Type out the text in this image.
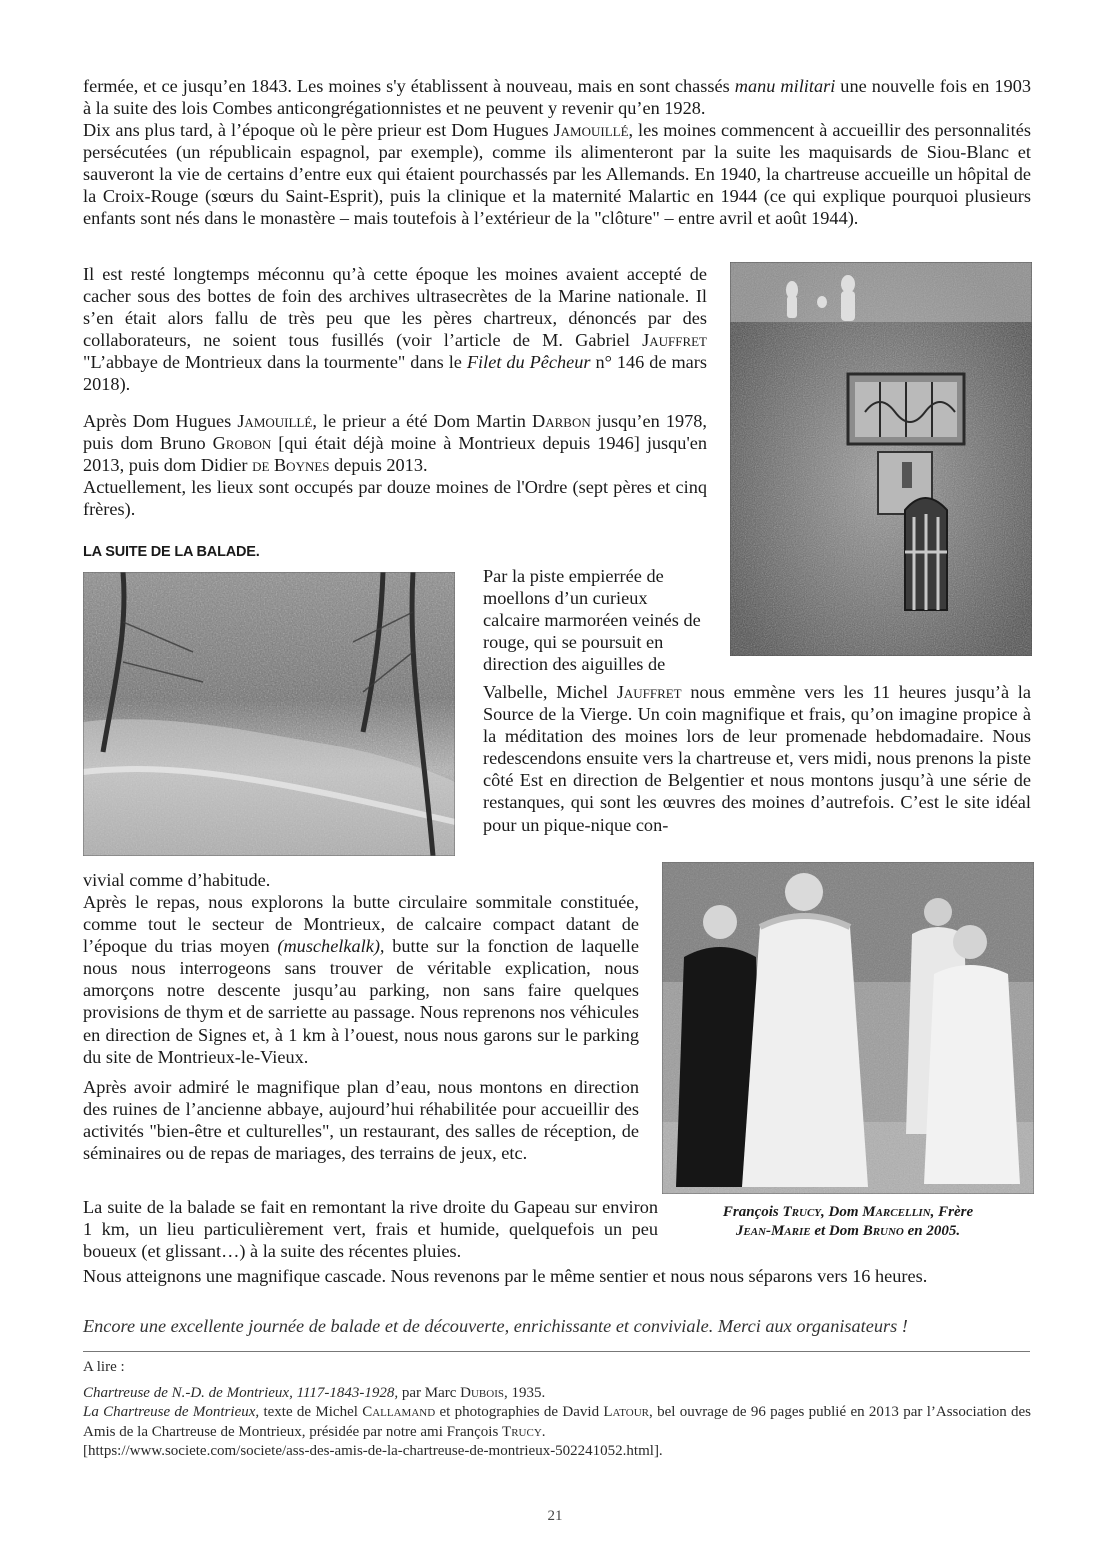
fermée, et ce jusqu’en 1843. Les moines s'y établissent à nouveau, mais en sont chassés manu militari une nouvelle fois en 1903 à la suite des lois Combes anticongrégationnistes et ne peuvent y revenir qu’en 1928.

Dix ans plus tard, à l’époque où le père prieur est Dom Hugues Jamouillé, les moines commencent à accueillir des personnalités persécutées (un républicain espagnol, par exemple), comme ils alimenteront par la suite les maquisards de Siou-Blanc et sauveront la vie de certains d’entre eux qui étaient pourchassés par les Allemands. En 1940, la chartreuse accueille un hôpital de la Croix-Rouge (sœurs du Saint-Esprit), puis la clinique et la maternité Malartic en 1944 (ce qui explique pourquoi plusieurs enfants sont nés dans le monastère – mais toutefois à l’extérieur de la "clôture" – entre avril et août 1944).

Il est resté longtemps méconnu qu’à cette époque les moines avaient accepté de cacher sous des bottes de foin des archives ultrasecrètes de la Marine nationale. Il s’en était alors fallu de très peu que les pères chartreux, dénoncés par des collaborateurs, ne soient tous fusillés (voir l’article de M. Gabriel Jauffret "L’abbaye de Montrieux dans la tourmente" dans le Filet du Pêcheur n° 146 de mars 2018).

Après Dom Hugues Jamouillé, le prieur a été Dom Martin Darbon jusqu’en 1978, puis dom Bruno Grobon [qui était déjà moine à Montrieux depuis 1946] jusqu'en 2013, puis dom Didier de Boynes depuis 2013.

Actuellement, les lieux sont occupés par douze moines de l'Ordre (sept pères et cinq frères).

LA SUITE DE LA BALADE.

Par la piste empierrée de moellons d’un curieux calcaire marmoréen veinés de rouge, qui se poursuit en direction des aiguilles de

Valbelle, Michel Jauffret nous emmène vers les 11 heures jusqu’à la Source de la Vierge. Un coin magnifique et frais, qu’on imagine propice à la méditation des moines lors de leur promenade hebdomadaire. Nous redescendons ensuite vers la chartreuse et, vers midi, nous prenons la piste côté Est en direction de Belgentier et nous montons jusqu’à une série de restanques, qui sont les œuvres des moines d’autrefois. C’est le site idéal pour un pique-nique con-

vivial comme d’habitude.

Après le repas, nous explorons la butte circulaire sommitale constituée, comme tout le secteur de Montrieux, de calcaire compact datant de l’époque du trias moyen (muschelkalk), butte sur la fonction de laquelle nous nous interrogeons sans trouver de véritable explication, nous amorçons notre descente jusqu’au parking, non sans faire quelques provisions de thym et de sarriette au passage. Nous reprenons nos véhicules en direction de Signes et, à 1 km à l’ouest, nous nous garons sur le parking du site de Montrieux-le-Vieux.

Après avoir admiré le magnifique plan d’eau, nous montons en direction des ruines de l’ancienne abbaye, aujourd’hui réhabilitée pour accueillir des activités "bien-être et culturelles", un restaurant, des salles de réception, de séminaires ou de repas de mariages, des terrains de jeux, etc.

La suite de la balade se fait en remontant la rive droite du Gapeau sur environ 1 km, un lieu particulièrement vert, frais et humide, quelquefois un peu boueux (et glissant…) à la suite des récentes pluies.

François Trucy, Dom Marcellin, Frère
Jean-Marie et Dom Bruno en 2005.

Nous atteignons une magnifique cascade. Nous revenons par le même sentier et nous nous séparons vers 16 heures.

Encore une excellente journée de balade et de découverte, enrichissante et conviviale. Merci aux organisateurs !

A lire :
Chartreuse de N.-D. de Montrieux, 1117-1843-1928, par Marc Dubois, 1935.
La Chartreuse de Montrieux, texte de Michel Callamand et photographies de David Latour, bel ouvrage de 96 pages publié en 2013 par l’Association des Amis de la Chartreuse de Montrieux, présidée par notre ami François Trucy.
[https://www.societe.com/societe/ass-des-amis-de-la-chartreuse-de-montrieux-502241052.html].
21
